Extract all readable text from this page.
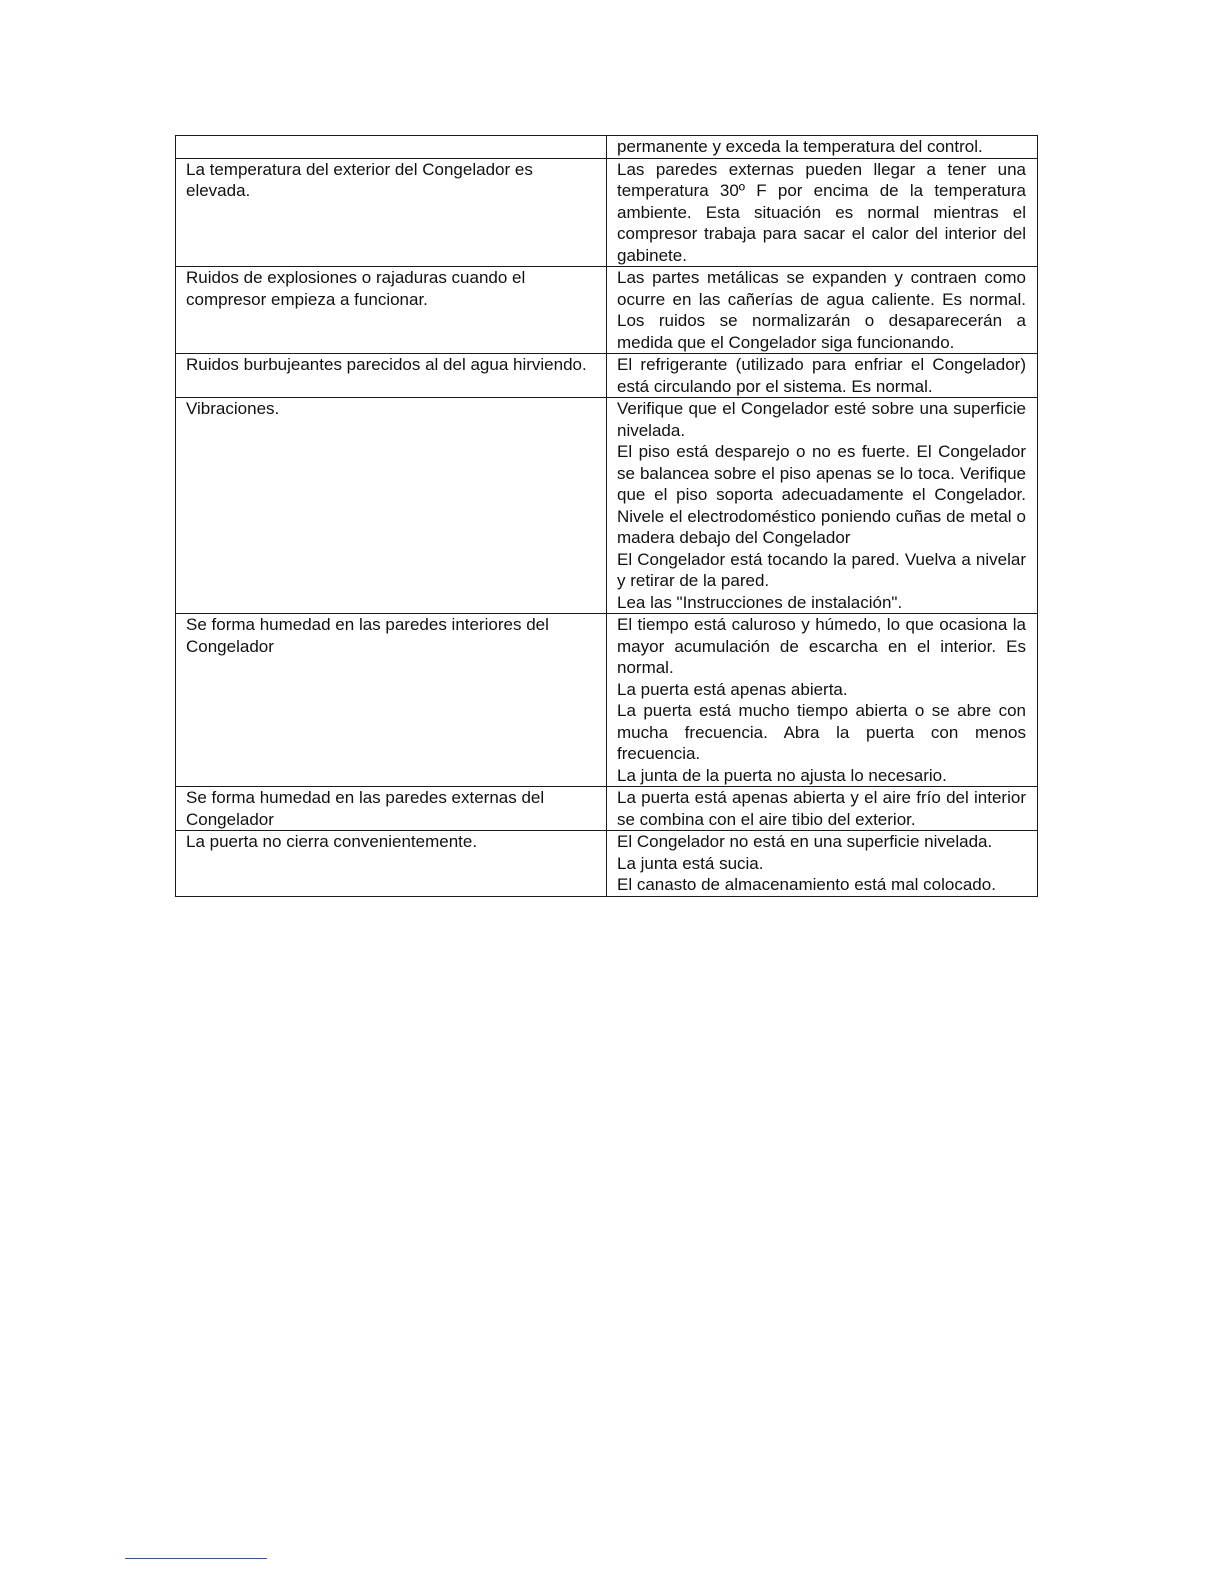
	permanente y exceda la temperatura del control.

La temperatura del exterior del Congelador es elevada.	Las paredes externas pueden llegar a tener una temperatura 30º F por encima de la temperatura ambiente. Esta situación es normal mientras el compresor trabaja para sacar el calor del interior del gabinete.

Ruidos de explosiones o rajaduras cuando el compresor empieza a funcionar.	Las partes metálicas se expanden y contraen como ocurre en las cañerías de agua caliente. Es normal. Los ruidos se normalizarán o desaparecerán a medida que el Congelador siga funcionando.

Ruidos burbujeantes parecidos al del agua hirviendo.	El refrigerante (utilizado para enfriar el Congelador) está circulando por el sistema. Es normal.

Vibraciones.	Verifique que el Congelador esté sobre una superficie nivelada.
El piso está desparejo o no es fuerte. El Congelador se balancea sobre el piso apenas se lo toca. Verifique que el piso soporta adecuadamente el Congelador. Nivele el electrodoméstico poniendo cuñas de metal o madera debajo del Congelador
El Congelador está tocando la pared. Vuelva a nivelar y retirar de la pared.
Lea las "Instrucciones de instalación".

Se forma humedad en las paredes interiores del Congelador	El tiempo está caluroso y húmedo, lo que ocasiona la mayor acumulación de escarcha en el interior. Es normal.
La puerta está apenas abierta.
La puerta está mucho tiempo abierta o se abre con mucha frecuencia. Abra la puerta con menos frecuencia.
La junta de la puerta no ajusta lo necesario.

Se forma humedad en las paredes externas del Congelador	La puerta está apenas abierta y el aire frío del interior se combina con el aire tibio del exterior.

La puerta no cierra convenientemente.	El Congelador no está en una superficie nivelada.
La junta está sucia.
El canasto de almacenamiento está mal colocado.
